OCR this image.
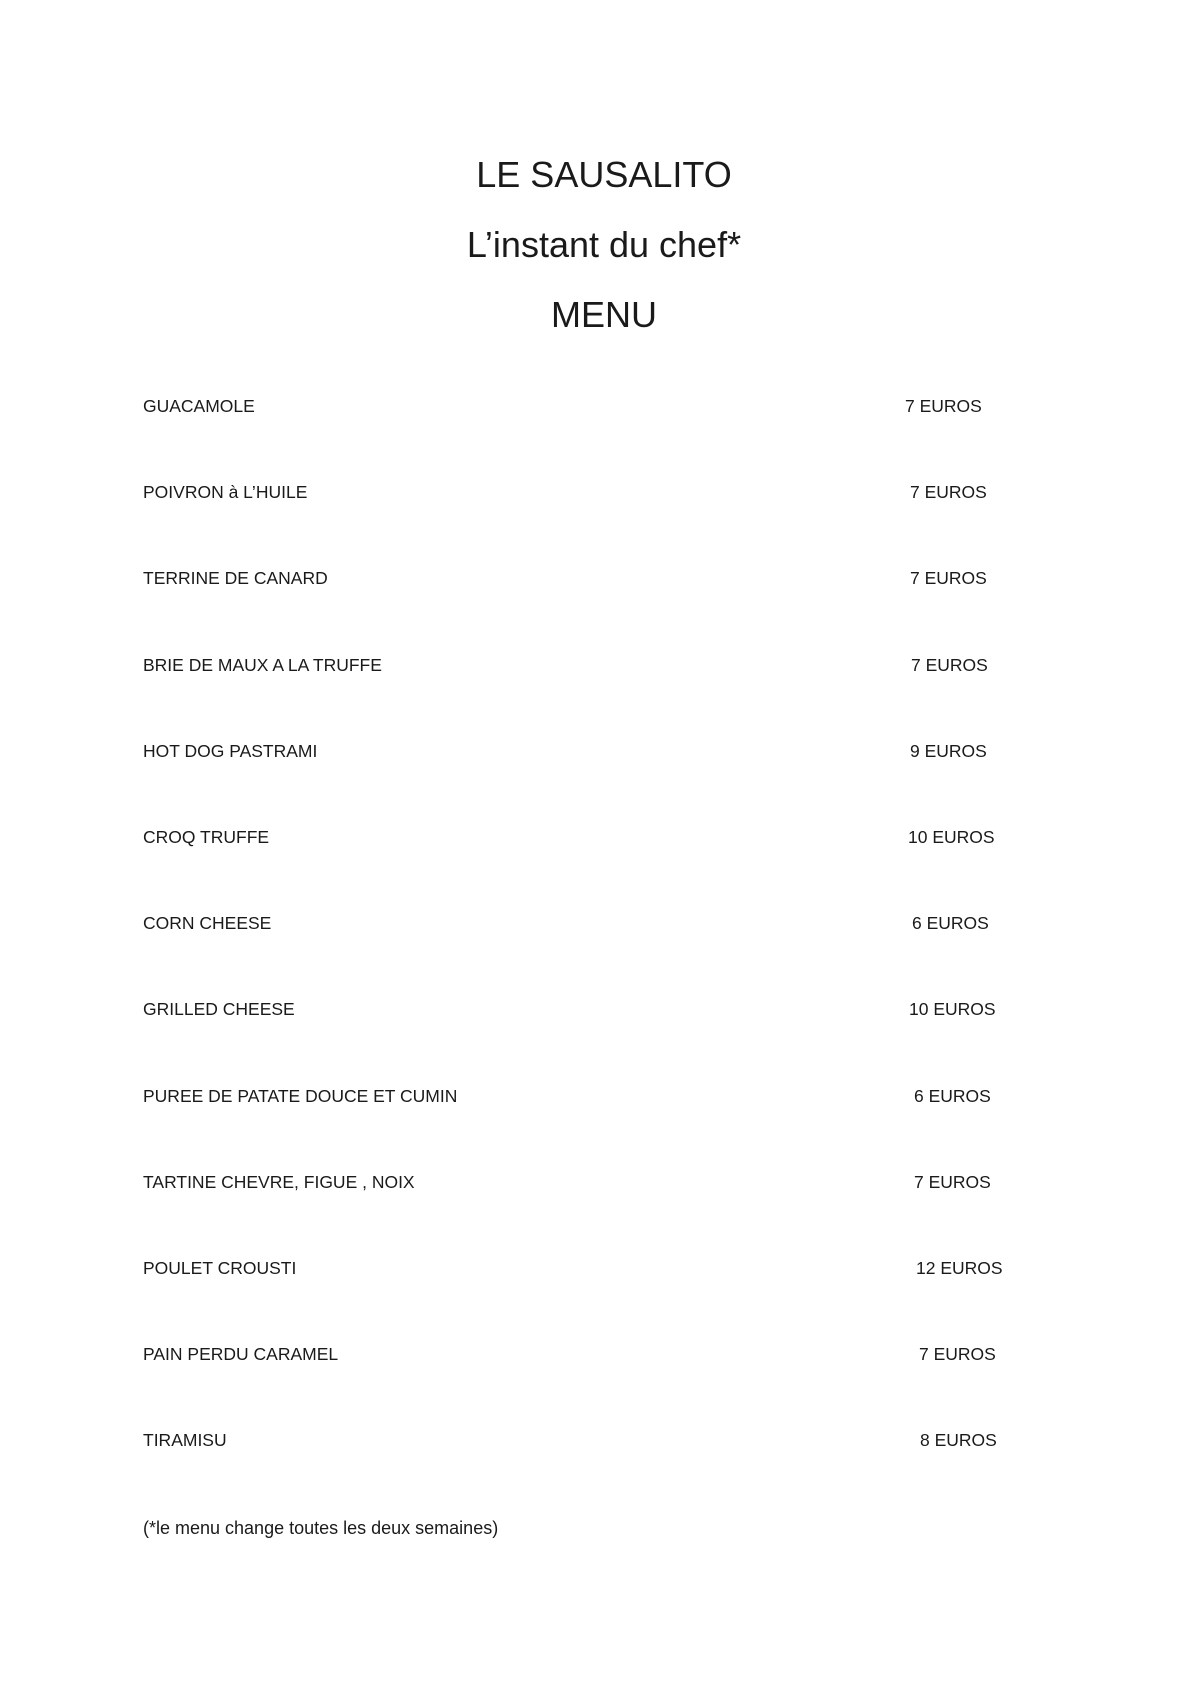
LE SAUSALITO
L’instant du chef*
MENU
GUACAMOLE	7 EUROS
POIVRON à L’HUILE	7 EUROS
TERRINE DE CANARD	7 EUROS
BRIE DE MAUX A LA TRUFFE	7 EUROS
HOT DOG PASTRAMI	9 EUROS
CROQ TRUFFE	10 EUROS
CORN CHEESE	6 EUROS
GRILLED CHEESE	10 EUROS
PUREE DE PATATE DOUCE ET CUMIN	6 EUROS
TARTINE CHEVRE, FIGUE , NOIX	7 EUROS
POULET CROUSTI	12 EUROS
PAIN PERDU CARAMEL	7 EUROS
TIRAMISU	8 EUROS
(*le menu change toutes les deux semaines)
